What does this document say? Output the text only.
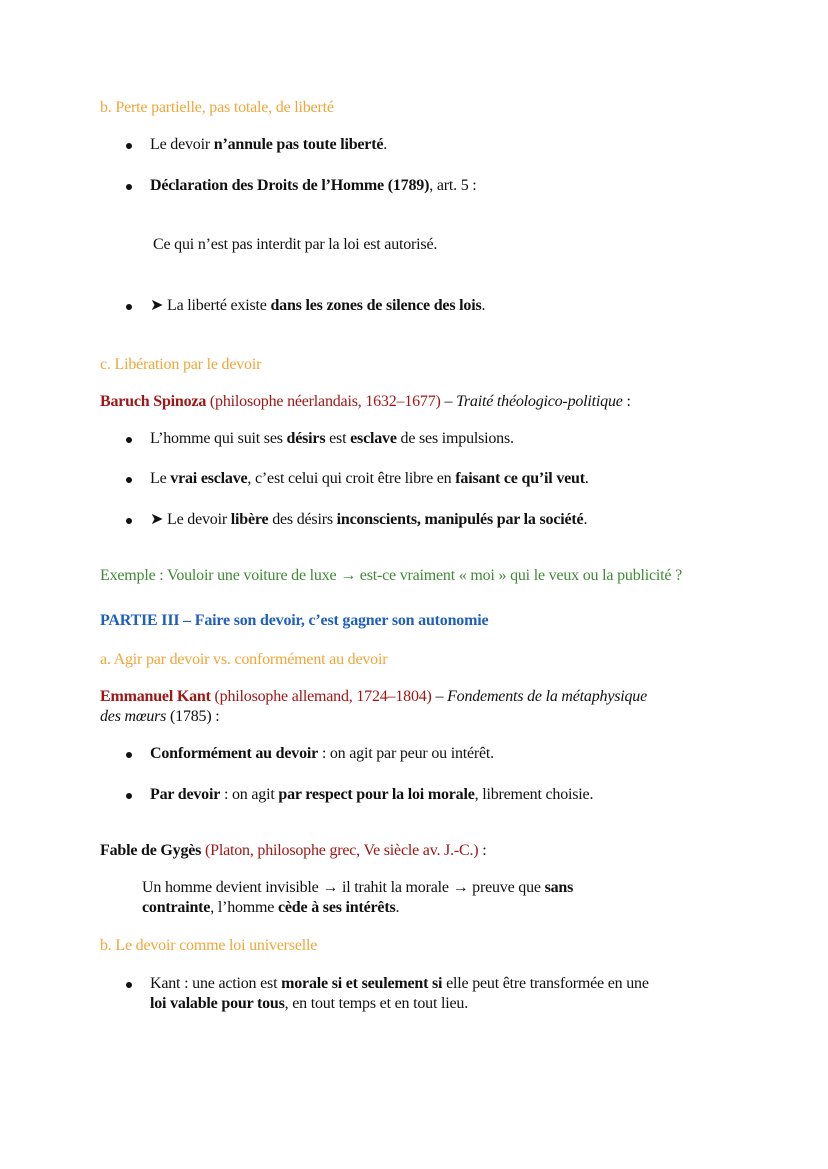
b. Perte partielle, pas totale, de liberté
Le devoir n’annule pas toute liberté.
Déclaration des Droits de l’Homme (1789), art. 5 :
Ce qui n’est pas interdit par la loi est autorisé.
➤ La liberté existe dans les zones de silence des lois.
c. Libération par le devoir
Baruch Spinoza (philosophe néerlandais, 1632–1677) – Traité théologico-politique :
L’homme qui suit ses désirs est esclave de ses impulsions.
Le vrai esclave, c’est celui qui croit être libre en faisant ce qu’il veut.
➤ Le devoir libère des désirs inconscients, manipulés par la société.
Exemple : Vouloir une voiture de luxe → est-ce vraiment « moi » qui le veux ou la publicité ?
PARTIE III – Faire son devoir, c’est gagner son autonomie
a. Agir par devoir vs. conformément au devoir
Emmanuel Kant (philosophe allemand, 1724–1804) – Fondements de la métaphysique
des mœurs (1785) :
Conformément au devoir : on agit par peur ou intérêt.
Par devoir : on agit par respect pour la loi morale, librement choisie.
Fable de Gygès (Platon, philosophe grec, Ve siècle av. J.-C.) :
Un homme devient invisible → il trahit la morale → preuve que sans
contrainte, l’homme cède à ses intérêts.
b. Le devoir comme loi universelle
Kant : une action est morale si et seulement si elle peut être transformée en une
loi valable pour tous, en tout temps et en tout lieu.
